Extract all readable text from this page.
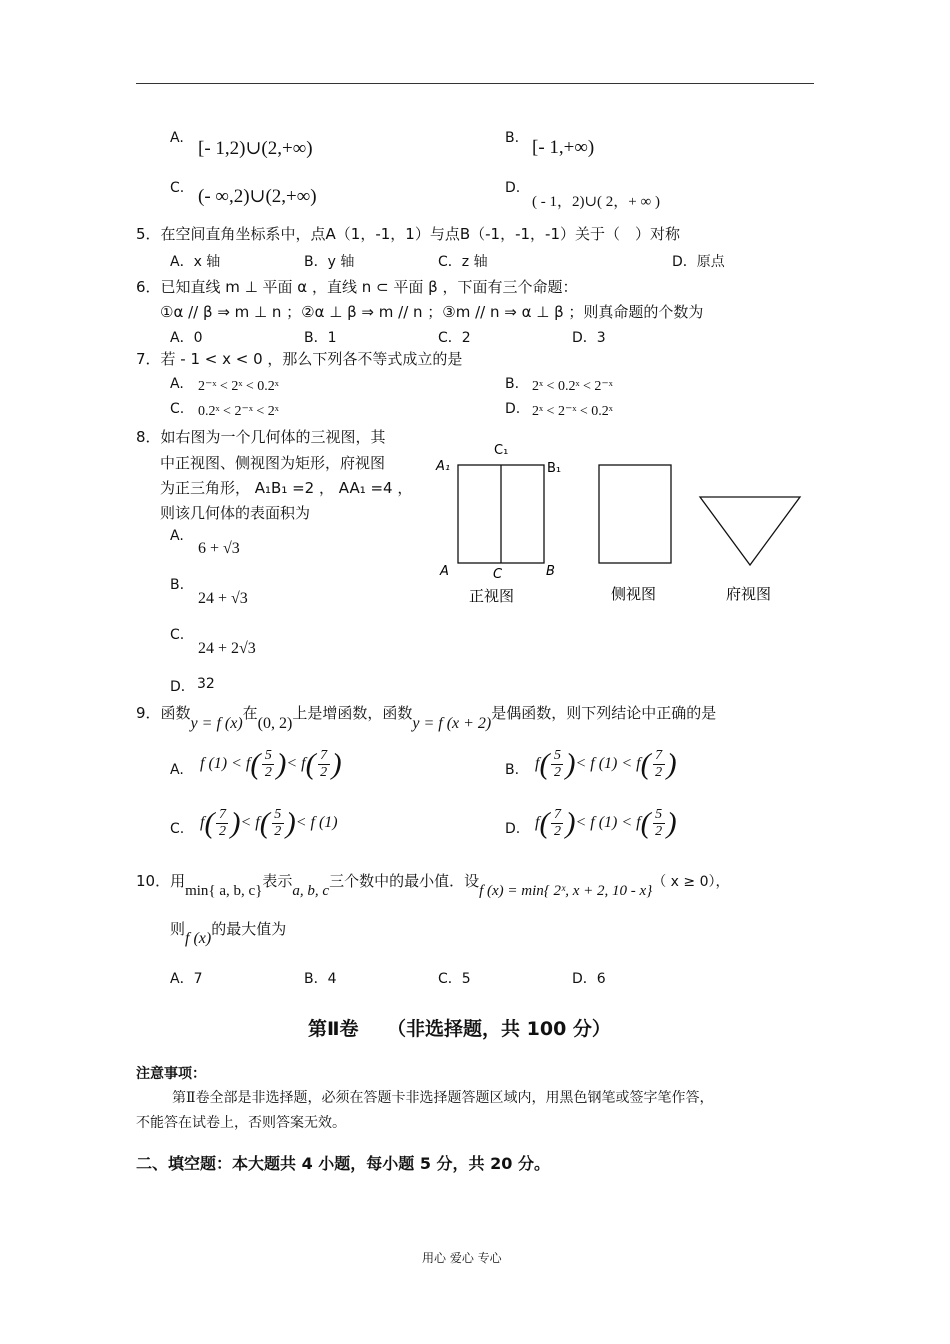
A. [- 1,2)∪(2,+∞)	B. [- 1,+∞)
C. (- ∞,2)∪(2,+∞)	D.
( - 1，2)∪( 2，+ ∞ )
5．在空间直角坐标系中，点A（1，-1，1）与点B（-1，-1，-1）关于（　）对称
A．x 轴	B．y 轴	C．z 轴	D．原点
6．已知直线 m ⊥ 平面 α ，直线 n ⊂ 平面 β ，下面有三个命题：
①α // β ⇒ m ⊥ n ；②α ⊥ β ⇒ m // n ；③m // n ⇒ α ⊥ β ；则真命题的个数为
A．0	B．1	C．2	D．3
7．若 - 1 < x < 0 ，那么下列各不等式成立的是
A. 2⁻ˣ < 2ˣ < 0.2ˣ	B. 2ˣ < 0.2ˣ < 2⁻ˣ
C. 0.2ˣ < 2⁻ˣ < 2ˣ	D. 2ˣ < 2⁻ˣ < 0.2ˣ
8．如右图为一个几何体的三视图，其
中正视图、侧视图为矩形，府视图
为正三角形， A₁B₁ =2 ， AA₁ =4 ，
则该几何体的表面积为
A.
6 + √3
B.
24 + √3
C.
24 + 2√3
D． 32
C₁
A₁	B₁
A	C	B
正视图	侧视图	府视图
9．函数y = f (x)在(0, 2)上是增函数，函数y = f (x + 2)是偶函数，则下列结论中正确的是
A. f $(1) < f( \frac{5}{2}$ )< $f( \frac{7}{2}$ )	B. $f( \frac{5}{2}$ )< f $(1) < f( \frac{7}{2}$ )
C. $f( \frac{7}{2}$ )< $f( \frac{5}{2}$ )< f (1)	D. $f( \frac{7}{2}$ )< f $(1) < f( \frac{5}{2}$ )
10．用min{ a, b, c}表示a, b, c三个数中的最小值．设f (x) = min{ 2ˣ, x + 2, 10 - x}（ x ≥ 0），
则f (x)的最大值为
A．7	B．4	C．5	D．6
第Ⅱ卷　　（非选择题，共 100 分）
注意事项：
第Ⅱ卷全部是非选择题，必须在答题卡非选择题答题区域内，用黑色钢笔或签字笔作答，
不能答在试卷上，否则答案无效。
二、填空题：本大题共 4 小题，每小题 5 分，共 20 分。
用心 爱心 专心
